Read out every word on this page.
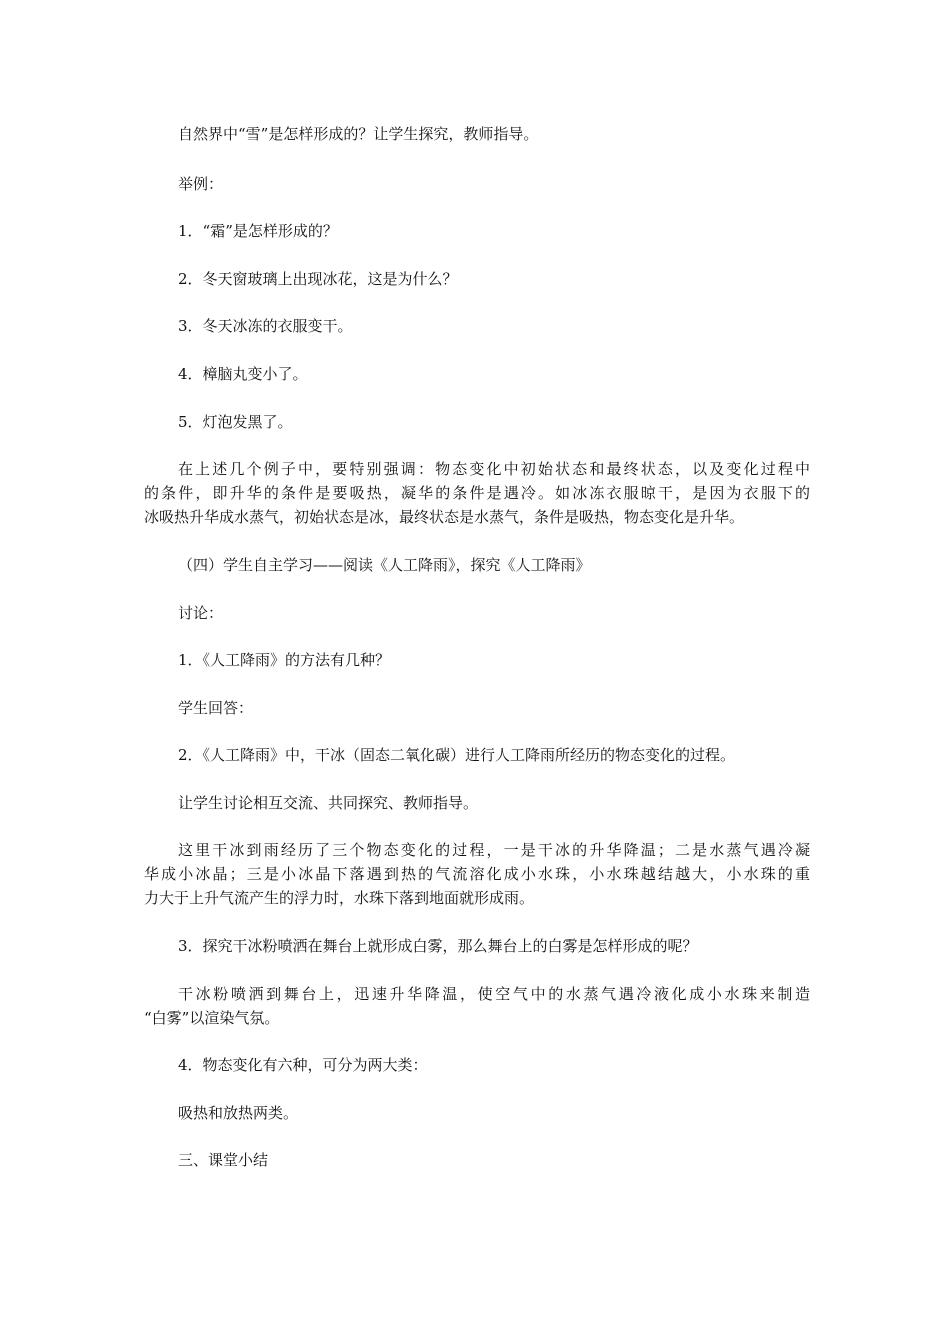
自然界中“雪”是怎样形成的？让学生探究，教师指导。

举例：

1．“霜”是怎样形成的？

2．冬天窗玻璃上出现冰花，这是为什么？

3．冬天冰冻的衣服变干。

4．樟脑丸变小了。

5．灯泡发黑了。

在上述几个例子中，要特别强调：物态变化中初始状态和最终状态，以及变化过程中
的条件，即升华的条件是要吸热，凝华的条件是遇冷。如冰冻衣服晾干，是因为衣服下的
冰吸热升华成水蒸气，初始状态是冰，最终状态是水蒸气，条件是吸热，物态变化是升华。

（四）学生自主学习——阅读《人工降雨》，探究《人工降雨》

讨论：

1．《人工降雨》的方法有几种？

学生回答：

2．《人工降雨》中，干冰（固态二氧化碳）进行人工降雨所经历的物态变化的过程。

让学生讨论相互交流、共同探究、教师指导。

这里干冰到雨经历了三个物态变化的过程，一是干冰的升华降温；二是水蒸气遇冷凝
华成小冰晶；三是小冰晶下落遇到热的气流溶化成小水珠，小水珠越结越大，小水珠的重
力大于上升气流产生的浮力时，水珠下落到地面就形成雨。

3．探究干冰粉喷洒在舞台上就形成白雾，那么舞台上的白雾是怎样形成的呢？

干冰粉喷洒到舞台上，迅速升华降温，使空气中的水蒸气遇冷液化成小水珠来制造
“白雾”以渲染气氛。

4．物态变化有六种，可分为两大类：

吸热和放热两类。

三、课堂小结
